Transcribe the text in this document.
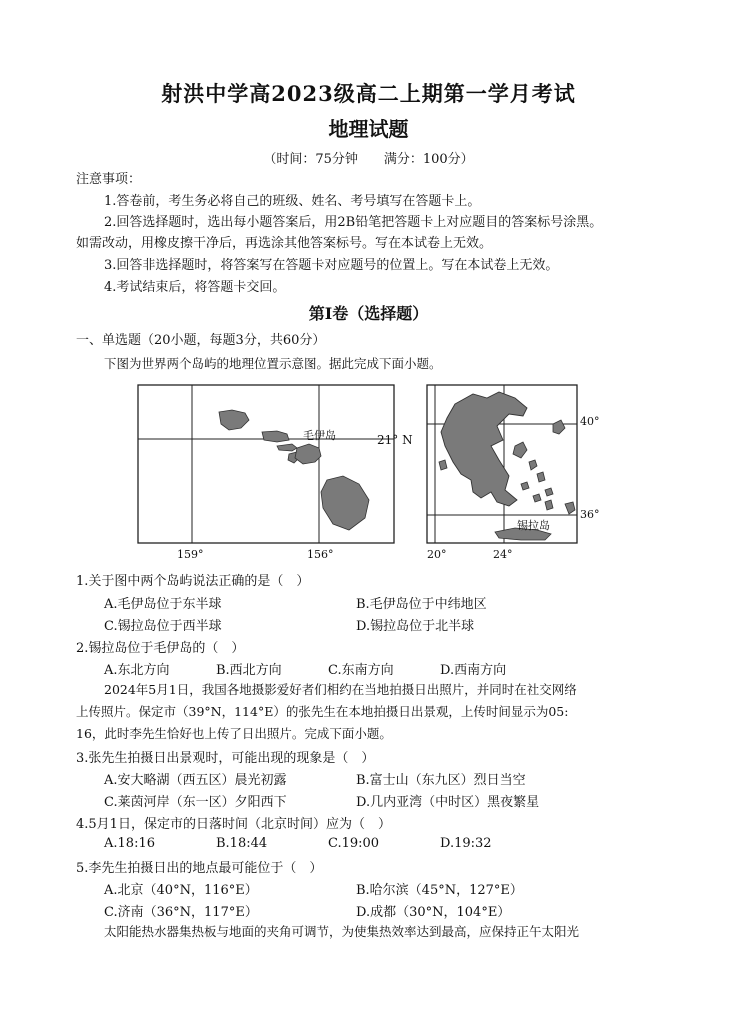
射洪中学高2023级高二上期第一学月考试
地理试题
（时间：75分钟　　满分：100分）
注意事项：
1.答卷前，考生务必将自己的班级、姓名、考号填写在答题卡上。
2.回答选择题时，选出每小题答案后，用2B铅笔把答题卡上对应题目的答案标号涂黑。
如需改动，用橡皮擦干净后，再选涂其他答案标号。写在本试卷上无效。
3.回答非选择题时，将答案写在答题卡对应题号的位置上。写在本试卷上无效。
4.考试结束后，将答题卡交回。
第Ⅰ卷（选择题）
一、单选题（20小题，每题3分，共60分）
下图为世界两个岛屿的地理位置示意图。据此完成下面小题。
毛伊岛	21° N
159°	156°
40°
36°
锡拉岛
20°	24°
1.关于图中两个岛屿说法正确的是（　）
A.毛伊岛位于东半球	B.毛伊岛位于中纬地区
C.锡拉岛位于西半球	D.锡拉岛位于北半球
2.锡拉岛位于毛伊岛的（　）
A.东北方向	B.西北方向	C.东南方向	D.西南方向
2024年5月1日，我国各地摄影爱好者们相约在当地拍摄日出照片，并同时在社交网络
上传照片。保定市（39°N，114°E）的张先生在本地拍摄日出景观，上传时间显示为05:
16，此时李先生恰好也上传了日出照片。完成下面小题。
3.张先生拍摄日出景观时，可能出现的现象是（　）
A.安大略湖（西五区）晨光初露	B.富士山（东九区）烈日当空
C.莱茵河岸（东一区）夕阳西下	D.几内亚湾（中时区）黑夜繁星
4.5月1日，保定市的日落时间（北京时间）应为（　）
A.18:16	B.18:44	C.19:00	D.19:32
5.李先生拍摄日出的地点最可能位于（　）
A.北京（40°N，116°E）	B.哈尔滨（45°N，127°E）
C.济南（36°N，117°E）	D.成都（30°N，104°E）
太阳能热水器集热板与地面的夹角可调节，为使集热效率达到最高，应保持正午太阳光
